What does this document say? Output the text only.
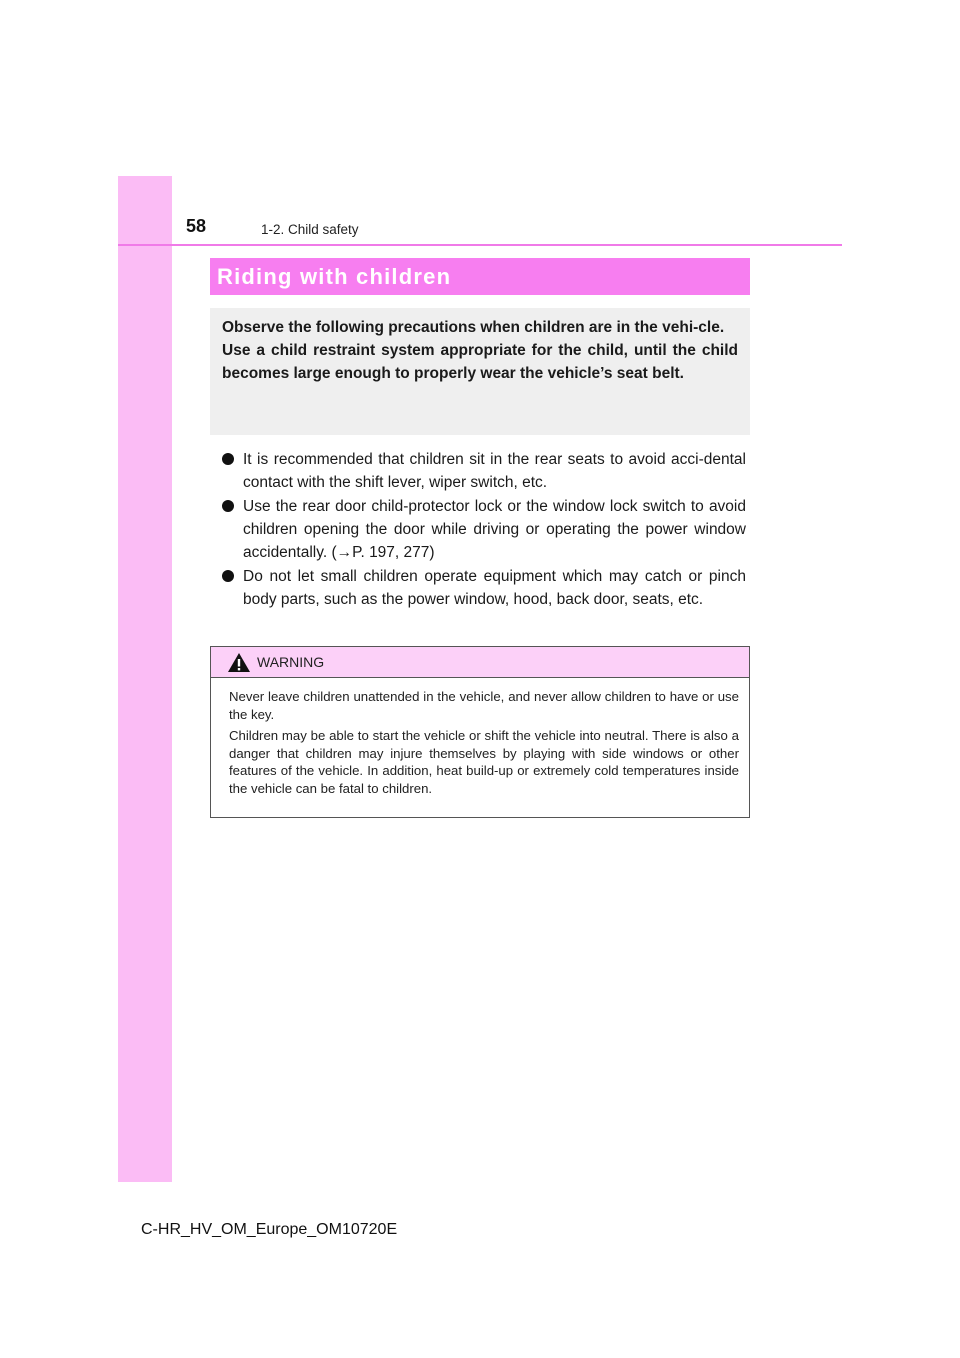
58	1-2. Child safety
Riding with children

Observe the following precautions when children are in the vehi-cle.

Use a child restraint system appropriate for the child, until the child becomes large enough to properly wear the vehicle’s seat belt.

It is recommended that children sit in the rear seats to avoid acci-dental contact with the shift lever, wiper switch, etc.
Use the rear door child-protector lock or the window lock switch to avoid children opening the door while driving or operating the power window accidentally. (→P. 197, 277)
Do not let small children operate equipment which may catch or pinch body parts, such as the power window, hood, back door, seats, etc.
WARNING

Never leave children unattended in the vehicle, and never allow children to have or use the key.

Children may be able to start the vehicle or shift the vehicle into neutral. There is also a danger that children may injure themselves by playing with side windows or other features of the vehicle. In addition, heat build-up or extremely cold temperatures inside the vehicle can be fatal to children.

C-HR_HV_OM_Europe_OM10720E
